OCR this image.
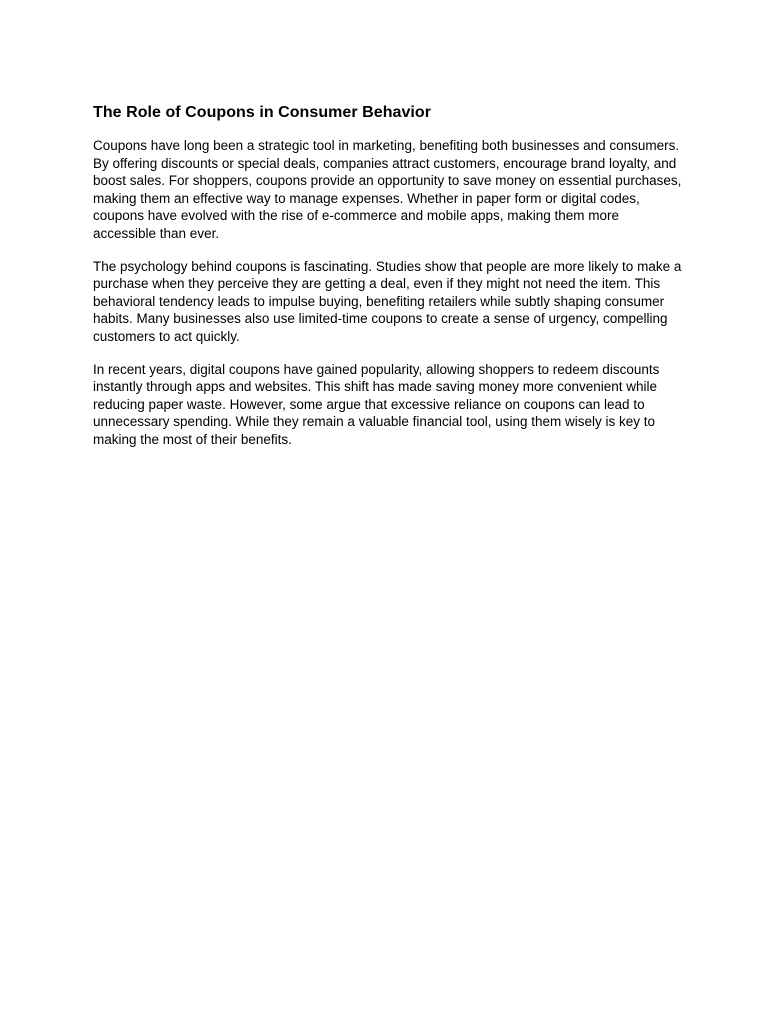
The Role of Coupons in Consumer Behavior

Coupons have long been a strategic tool in marketing, benefiting both businesses and consumers. By offering discounts or special deals, companies attract customers, encourage brand loyalty, and boost sales. For shoppers, coupons provide an opportunity to save money on essential purchases, making them an effective way to manage expenses. Whether in paper form or digital codes, coupons have evolved with the rise of e-commerce and mobile apps, making them more accessible than ever.

The psychology behind coupons is fascinating. Studies show that people are more likely to make a purchase when they perceive they are getting a deal, even if they might not need the item. This behavioral tendency leads to impulse buying, benefiting retailers while subtly shaping consumer habits. Many businesses also use limited-time coupons to create a sense of urgency, compelling customers to act quickly.

In recent years, digital coupons have gained popularity, allowing shoppers to redeem discounts instantly through apps and websites. This shift has made saving money more convenient while reducing paper waste. However, some argue that excessive reliance on coupons can lead to unnecessary spending. While they remain a valuable financial tool, using them wisely is key to making the most of their benefits.
